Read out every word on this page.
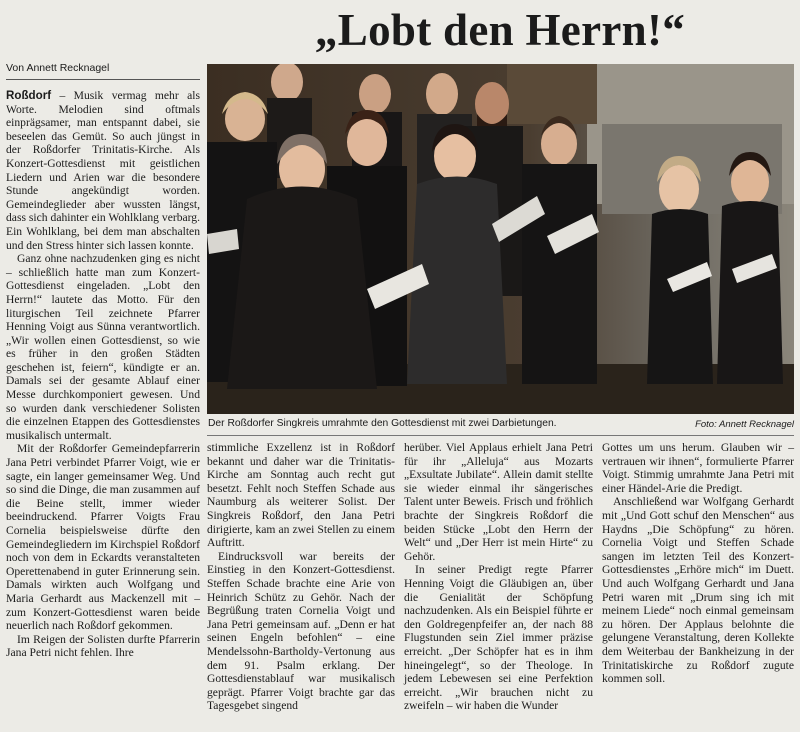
„Lobt den Herrn!“
Von Annett Recknagel

Roßdorf – Musik vermag mehr als Worte. Melodien sind oftmals einprägsamer, man entspannt dabei, sie beseelen das Gemüt. So auch jüngst in der Roßdorfer Trinitatis-Kirche. Als Konzert-Gottesdienst mit geistlichen Liedern und Arien war die besondere Stunde angekündigt worden. Gemeindeglieder aber wussten längst, dass sich dahinter ein Wohlklang verbarg. Ein Wohlklang, bei dem man abschalten und den Stress hinter sich lassen konnte.

Ganz ohne nachzudenken ging es nicht – schließlich hatte man zum Konzert-Gottesdienst eingeladen. „Lobt den Herrn!“ lautete das Motto. Für den liturgischen Teil zeichnete Pfarrer Henning Voigt aus Sünna verantwortlich. „Wir wollen einen Gottesdienst, so wie es früher in den großen Städten geschehen ist, feiern“, kündigte er an. Damals sei der gesamte Ablauf einer Messe durchkomponiert gewesen. Und so wurden dank verschiedener Solisten die einzelnen Etappen des Gottesdienstes musikalisch untermalt.

Mit der Roßdorfer Gemeindepfarrerin Jana Petri verbindet Pfarrer Voigt, wie er sagte, ein langer gemeinsamer Weg. Und so sind die Dinge, die man zusammen auf die Beine stellt, immer wieder beeindruckend. Pfarrer Voigts Frau Cornelia beispielsweise dürfte den Gemeindegliedern im Kirchspiel Roßdorf noch von dem in Eckardts veranstalteten Operettenabend in guter Erinnerung sein. Damals wirkten auch Wolfgang und Maria Gerhardt aus Mackenzell mit – zum Konzert-Gottesdienst waren beide neuerlich nach Roßdorf gekommen.

Im Reigen der Solisten durfte Pfarrerin Jana Petri nicht fehlen. Ihre

Der Roßdorfer Singkreis umrahmte den Gottesdienst mit zwei Darbietungen.	Foto: Annett Recknagel

stimmliche Exzellenz ist in Roßdorf bekannt und daher war die Trinitatis-Kirche am Sonntag auch recht gut besetzt. Fehlt noch Steffen Schade aus Naumburg als weiterer Solist. Der Singkreis Roßdorf, den Jana Petri dirigierte, kam an zwei Stellen zu einem Auftritt.

Eindrucksvoll war bereits der Einstieg in den Konzert-Gottesdienst. Steffen Schade brachte eine Arie von Heinrich Schütz zu Gehör. Nach der Begrüßung traten Cornelia Voigt und Jana Petri gemeinsam auf. „Denn er hat seinen Engeln befohlen“ – eine Mendelssohn-Bartholdy-Vertonung aus dem 91. Psalm erklang. Der Gottesdienstablauf war musikalisch geprägt. Pfarrer Voigt brachte gar das Tagesgebet singend

herüber. Viel Applaus erhielt Jana Petri für ihr „Alleluja“ aus Mozarts „Exsultate Jubilate“. Allein damit stellte sie wieder einmal ihr sängerisches Talent unter Beweis. Frisch und fröhlich brachte der Singkreis Roßdorf die beiden Stücke „Lobt den Herrn der Welt“ und „Der Herr ist mein Hirte“ zu Gehör.

In seiner Predigt regte Pfarrer Henning Voigt die Gläubigen an, über die Genialität der Schöpfung nachzudenken. Als ein Beispiel führte er den Goldregenpfeifer an, der nach 88 Flugstunden sein Ziel immer präzise erreicht. „Der Schöpfer hat es in ihm hineingelegt“, so der Theologe. In jedem Lebewesen sei eine Perfektion erreicht. „Wir brauchen nicht zu zweifeln – wir haben die Wunder

Gottes um uns herum. Glauben wir – vertrauen wir ihnen“, formulierte Pfarrer Voigt. Stimmig umrahmte Jana Petri mit einer Händel-Arie die Predigt.

Anschließend war Wolfgang Gerhardt mit „Und Gott schuf den Menschen“ aus Haydns „Die Schöpfung“ zu hören. Cornelia Voigt und Steffen Schade sangen im letzten Teil des Konzert-Gottesdienstes „Erhöre mich“ im Duett. Und auch Wolfgang Gerhardt und Jana Petri waren mit „Drum sing ich mit meinem Liede“ noch einmal gemeinsam zu hören. Der Applaus belohnte die gelungene Veranstaltung, deren Kollekte dem Weiterbau der Bankheizung in der Trinitatiskirche zu Roßdorf zugute kommen soll.
